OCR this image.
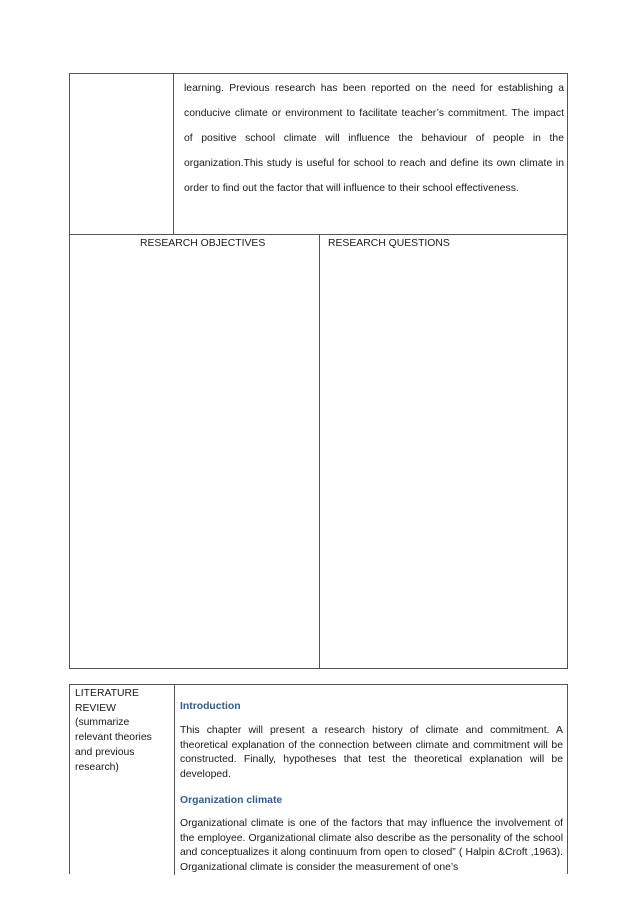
learning. Previous research has been reported on the need for establishing a conducive climate or environment to facilitate teacher’s commitment. The impact of positive school climate will influence the behaviour of people in the organization.This study is useful for school to reach and define its own climate in order to find out the factor that will influence to their school effectiveness.

RESEARCH OBJECTIVES	RESEARCH QUESTIONS

LITERATURE REVIEW (summarize relevant theories and previous research)

Introduction

This chapter will present a research history of climate and commitment. A theoretical explanation of the connection between climate and commitment will be constructed. Finally, hypotheses that test the theoretical explanation will be developed.

Organization climate

Organizational climate is one of the factors that may influence the involvement of the employee. Organizational climate also describe as the personality of the school and conceptualizes it along continuum from open to closed” ( Halpin &Croft ,1963). Organizational climate is consider the measurement of one’s
